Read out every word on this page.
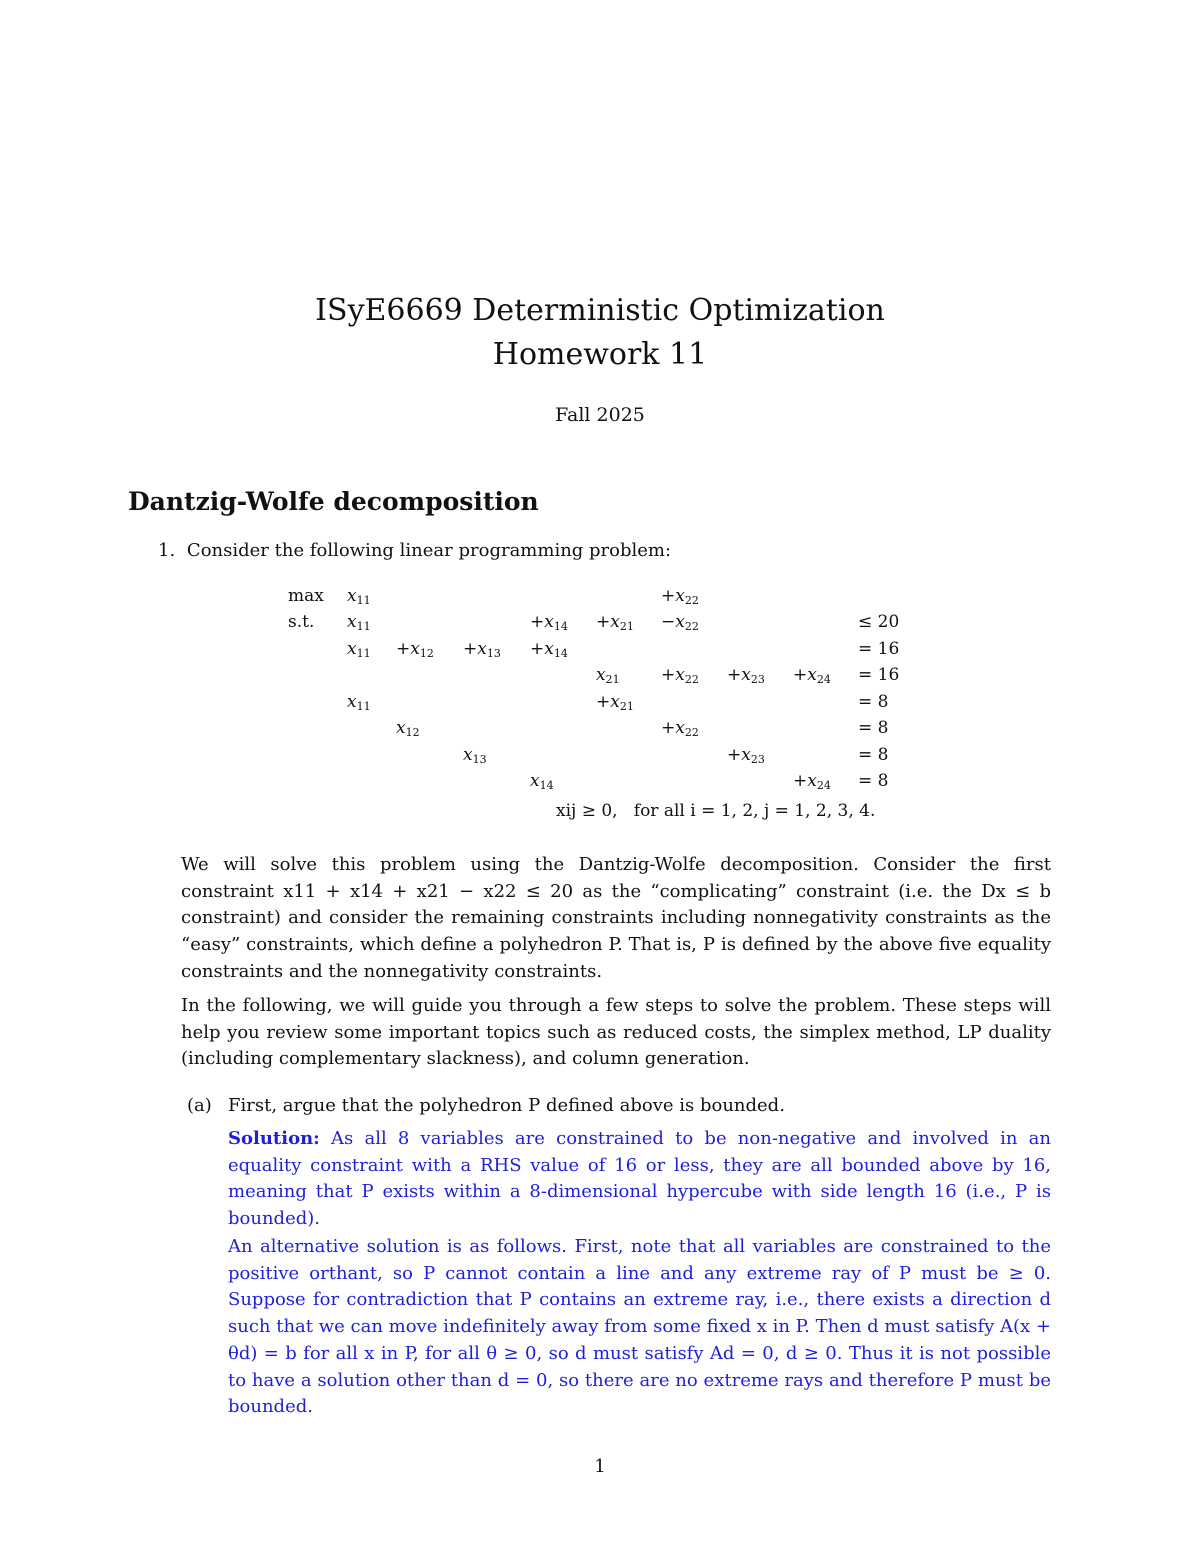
ISyE6669 Deterministic Optimization
Homework 11
Fall 2025
Dantzig-Wolfe decomposition
1. Consider the following linear programming problem:
$\max x_{11}$	$+x_{22}$
s.t. $x_{11}$	$+x_{14} +x_{21} -x_{22}$	≤ 20
$x_{11} +x_{12} +x_{13} +x_{14}$	= 16
$x_{21} +x_{22} +x_{23} +x_{24} = 16$
$x_{11}$	$+x_{21}$	= 8
$x_{12}$	$+x_{22}$	= 8
$x_{13}$	$+x_{23}$	= 8
$x_{14}$	$+x_{24} = 8$
xij ≥ 0,   for all i = 1, 2, j = 1, 2, 3, 4.
We will solve this problem using the Dantzig-Wolfe decomposition. Consider the first constraint x11 + x14 + x21 − x22 ≤ 20 as the “complicating” constraint (i.e. the Dx ≤ b constraint) and consider the remaining constraints including nonnegativity constraints as the “easy” constraints, which define a polyhedron P. That is, P is defined by the above five equality constraints and the nonnegativity constraints.
In the following, we will guide you through a few steps to solve the problem. These steps will help you review some important topics such as reduced costs, the simplex method, LP duality (including complementary slackness), and column generation.
(a) First, argue that the polyhedron P defined above is bounded.
Solution: As all 8 variables are constrained to be non-negative and involved in an equality constraint with a RHS value of 16 or less, they are all bounded above by 16, meaning that P exists within a 8-dimensional hypercube with side length 16 (i.e., P is bounded).
An alternative solution is as follows. First, note that all variables are constrained to the positive orthant, so P cannot contain a line and any extreme ray of P must be ≥ 0. Suppose for contradiction that P contains an extreme ray, i.e., there exists a direction d such that we can move indefinitely away from some fixed x in P. Then d must satisfy A(x + θd) = b for all x in P, for all θ ≥ 0, so d must satisfy Ad = 0, d ≥ 0. Thus it is not possible to have a solution other than d = 0, so there are no extreme rays and therefore P must be bounded.
1
